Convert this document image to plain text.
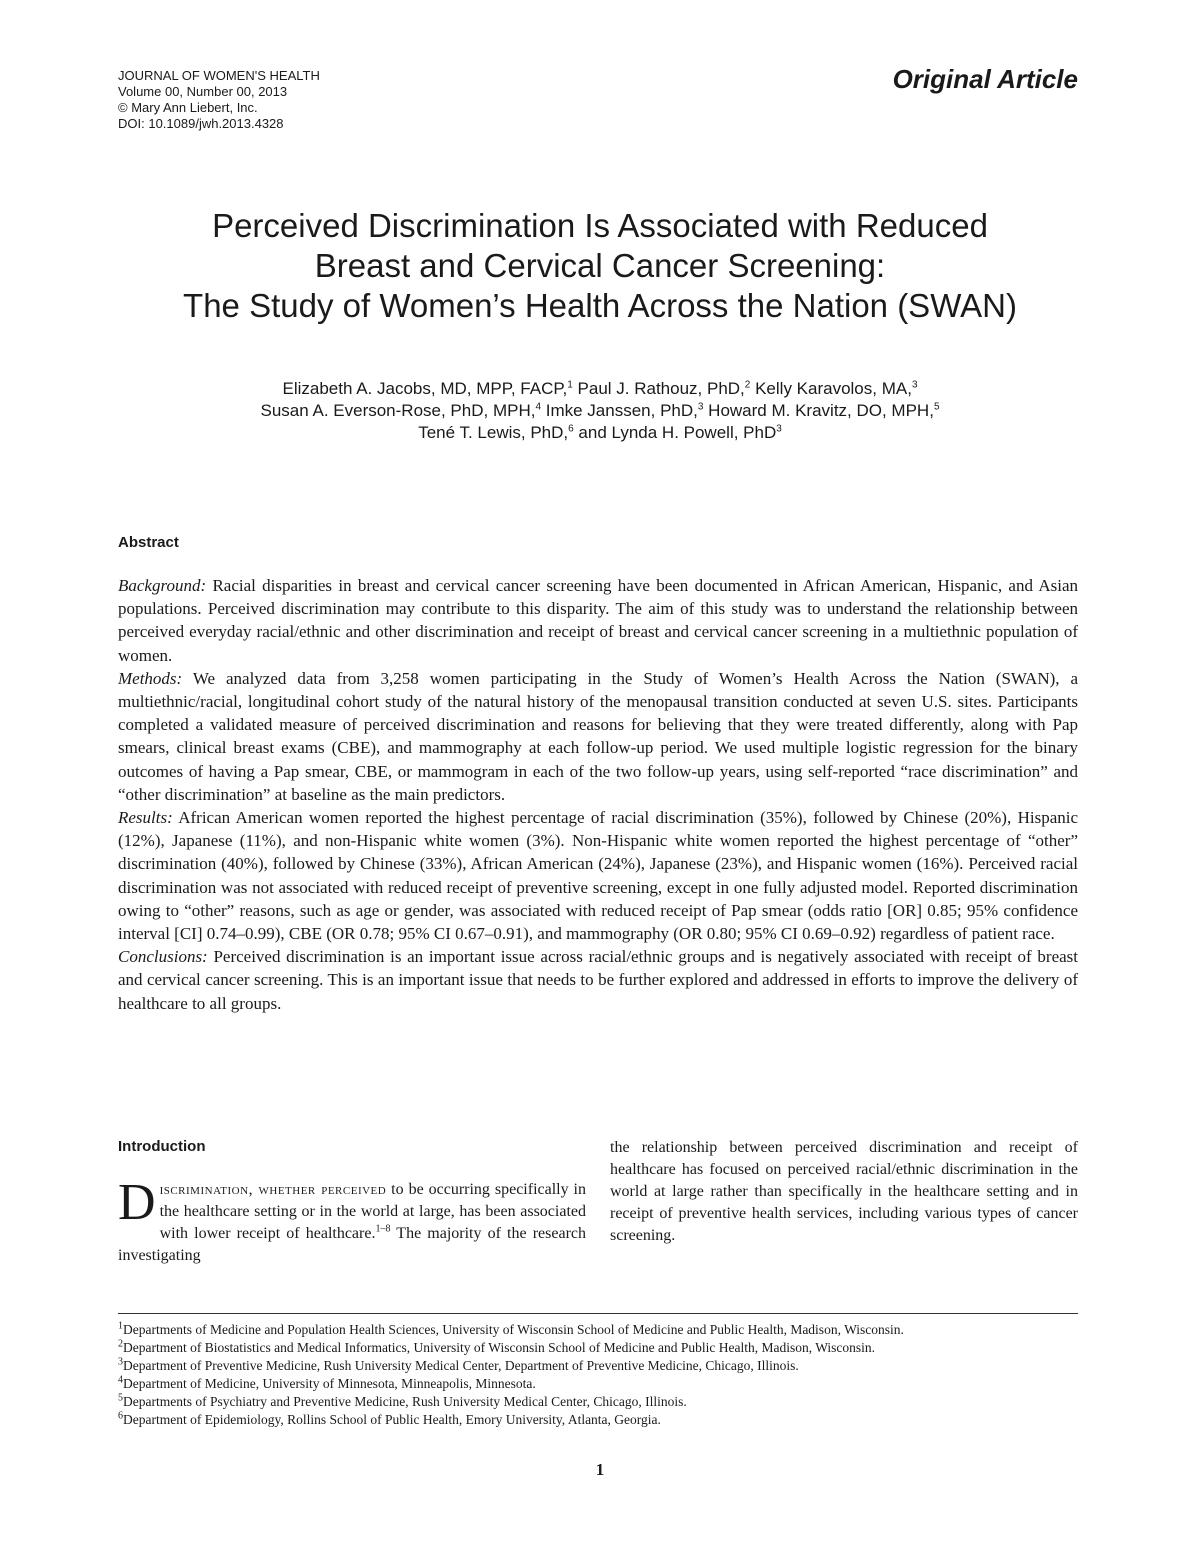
JOURNAL OF WOMEN'S HEALTH
Volume 00, Number 00, 2013
© Mary Ann Liebert, Inc.
DOI: 10.1089/jwh.2013.4328
Original Article
Perceived Discrimination Is Associated with Reduced
Breast and Cervical Cancer Screening:
The Study of Women’s Health Across the Nation (SWAN)
Elizabeth A. Jacobs, MD, MPP, FACP,$^1$ Paul J. Rathouz, PhD,$^2$ Kelly Karavolos, MA,$^3$
Susan A. Everson-Rose, PhD, MPH,$^4$ Imke Janssen, PhD,$^3$ Howard M. Kravitz, DO, MPH,$^5$
Tené T. Lewis, PhD,$^6$ and Lynda H. Powell, PhD$^3$
Abstract

Background: Racial disparities in breast and cervical cancer screening have been documented in African American, Hispanic, and Asian populations. Perceived discrimination may contribute to this disparity. The aim of this study was to understand the relationship between perceived everyday racial/ethnic and other discrimination and receipt of breast and cervical cancer screening in a multiethnic population of women.

Methods: We analyzed data from 3,258 women participating in the Study of Women’s Health Across the Nation (SWAN), a multiethnic/racial, longitudinal cohort study of the natural history of the menopausal transition conducted at seven U.S. sites. Participants completed a validated measure of perceived discrimination and reasons for believing that they were treated differently, along with Pap smears, clinical breast exams (CBE), and mammography at each follow-up period. We used multiple logistic regression for the binary outcomes of having a Pap smear, CBE, or mammogram in each of the two follow-up years, using self-reported “race discrimination” and “other discrimination” at baseline as the main predictors.

Results: African American women reported the highest percentage of racial discrimination (35%), followed by Chinese (20%), Hispanic (12%), Japanese (11%), and non-Hispanic white women (3%). Non-Hispanic white women reported the highest percentage of “other” discrimination (40%), followed by Chinese (33%), African American (24%), Japanese (23%), and Hispanic women (16%). Perceived racial discrimination was not associated with reduced receipt of preventive screening, except in one fully adjusted model. Reported discrimination owing to “other” reasons, such as age or gender, was associated with reduced receipt of Pap smear (odds ratio [OR] 0.85; 95% confidence interval [CI] 0.74–0.99), CBE (OR 0.78; 95% CI 0.67–0.91), and mammography (OR 0.80; 95% CI 0.69–0.92) regardless of patient race.

Conclusions: Perceived discrimination is an important issue across racial/ethnic groups and is negatively associated with receipt of breast and cervical cancer screening. This is an important issue that needs to be further explored and addressed in efforts to improve the delivery of healthcare to all groups.

Introduction
Discrimination, whether perceived to be occurring specifically in the healthcare setting or in the world at large, has been associated with lower receipt of healthcare.$^{1-8}$ The majority of the research investigating
the relationship between perceived discrimination and receipt of healthcare has focused on perceived racial/ethnic discrimination in the world at large rather than specifically in the healthcare setting and in receipt of preventive health services, including various types of cancer screening.
$^1$Departments of Medicine and Population Health Sciences, University of Wisconsin School of Medicine and Public Health, Madison, Wisconsin.
$^2$Department of Biostatistics and Medical Informatics, University of Wisconsin School of Medicine and Public Health, Madison, Wisconsin.
$^3$Department of Preventive Medicine, Rush University Medical Center, Department of Preventive Medicine, Chicago, Illinois.
$^4$Department of Medicine, University of Minnesota, Minneapolis, Minnesota.
$^5$Departments of Psychiatry and Preventive Medicine, Rush University Medical Center, Chicago, Illinois.
$^6$Department of Epidemiology, Rollins School of Public Health, Emory University, Atlanta, Georgia.
1
